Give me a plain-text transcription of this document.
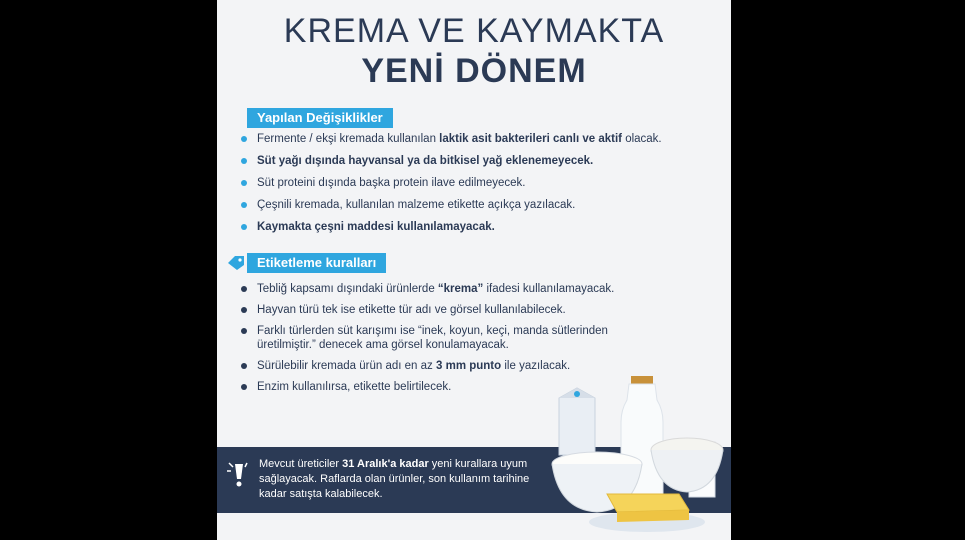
KREMA VE KAYMAKTA
YENİ DÖNEM
Yapılan Değişiklikler
Fermente / ekşi kremada kullanılan laktik asit bakterileri canlı ve aktif olacak.
Süt yağı dışında hayvansal ya da bitkisel yağ eklenemeyecek.
Süt proteini dışında başka protein ilave edilmeyecek.
Çeşnili kremada, kullanılan malzeme etikette açıkça yazılacak.
Kaymakta çeşni maddesi kullanılamayacak.
Etiketleme kuralları
Tebliğ kapsamı dışındaki ürünlerde “krema” ifadesi kullanılamayacak.
Hayvan türü tek ise etikette tür adı ve görsel kullanılabilecek.
Farklı türlerden süt karışımı ise “inek, koyun, keçi, manda sütlerinden üretilmiştir.” denecek ama görsel konulamayacak.
Sürülebilir kremada ürün adı en az 3 mm punto ile yazılacak.
Enzim kullanılırsa, etikette belirtilecek.
Mevcut üreticiler 31 Aralık'a kadar yeni kurallara uyum sağlayacak. Raflarda olan ürünler, son kullanım tarihine kadar satışta kalabilecek.
